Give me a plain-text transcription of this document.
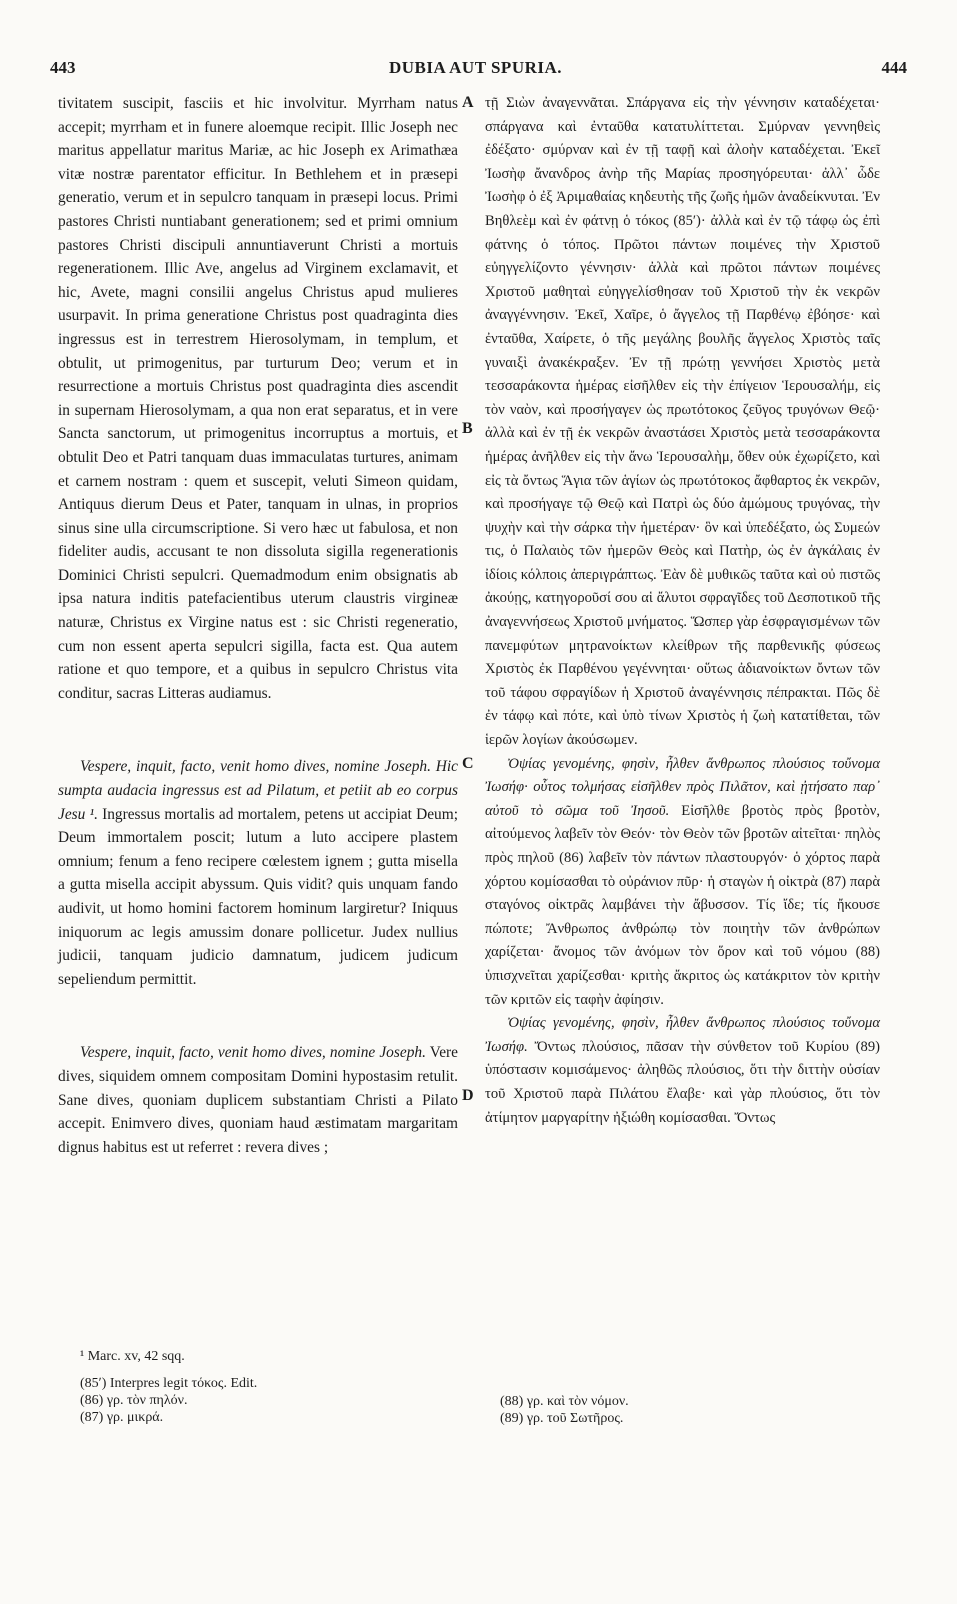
443	DUBIA AUT SPURIA.	444

tivitatem suscipit, fasciis et hic involvitur. Myrrham natus accepit; myrrham et in funere aloemque recipit. Illic Joseph nec maritus appellatur maritus Mariæ, ac hic Joseph ex Arimathæa vitæ nostræ parentator efficitur. In Bethlehem et in præsepi generatio, verum et in sepulcro tanquam in præsepi locus. Primi pastores Christi nuntiabant generationem; sed et primi omnium pastores Christi discipuli annuntiaverunt Christi a mortuis regenerationem. Illic Ave, angelus ad Virginem exclamavit, et hic, Avete, magni consilii angelus Christus apud mulieres usurpavit. In prima generatione Christus post quadraginta dies ingressus est in terrestrem Hierosolymam, in templum, et obtulit, ut primogenitus, par turturum Deo; verum et in resurrectione a mortuis Christus post quadraginta dies ascendit in supernam Hierosolymam, a qua non erat separatus, et in vere Sancta sanctorum, ut primogenitus incorruptus a mortuis, et obtulit Deo et Patri tanquam duas immaculatas turtures, animam et carnem nostram : quem et suscepit, veluti Simeon quidam, Antiquus dierum Deus et Pater, tanquam in ulnas, in proprios sinus sine ulla circumscriptione. Si vero hæc ut fabulosa, et non fideliter audis, accusant te non dissoluta sigilla regenerationis Dominici Christi sepulcri. Quemadmodum enim obsignatis ab ipsa natura inditis patefacientibus uterum claustris virgineæ naturæ, Christus ex Virgine natus est : sic Christi regeneratio, cum non essent aperta sepulcri sigilla, facta est. Qua autem ratione et quo tempore, et a quibus in sepulcro Christus vita conditur, sacras Litteras audiamus.

Vespere, inquit, facto, venit homo dives, nomine Joseph. Hic sumpta audacia ingressus est ad Pilatum, et petiit ab eo corpus Jesu ¹. Ingressus mortalis ad mortalem, petens ut accipiat Deum; Deum immortalem poscit; lutum a luto accipere plastem omnium; fenum a feno recipere cœlestem ignem ; gutta misella a gutta misella accipit abyssum. Quis vidit? quis unquam fando audivit, ut homo homini factorem hominum largiretur? Iniquus iniquorum ac legis amussim donare pollicetur. Judex nullius judicii, tanquam judicio damnatum, judicem judicum sepeliendum permittit.

Vespere, inquit, facto, venit homo dives, nomine Joseph. Vere dives, siquidem omnem compositam Domini hypostasim retulit. Sane dives, quoniam duplicem substantiam Christi a Pilato accepit. Enimvero dives, quoniam haud æstimatam margaritam dignus habitus est ut referret : revera dives ;

A
B
C
D

τῇ Σιὼν ἀναγεννᾶται. Σπάργανα εἰς τὴν γέννησιν καταδέχεται· σπάργανα καὶ ἐνταῦθα κατατυλίττεται. Σμύρναν γεννηθεὶς ἐδέξατο· σμύρναν καὶ ἐν τῇ ταφῇ καὶ ἀλοὴν καταδέχεται. Ἐκεῖ Ἰωσὴφ ἄνανδρος ἀνὴρ τῆς Μαρίας προσηγόρευται· ἀλλ᾽ ὧδε Ἰωσὴφ ὁ ἐξ Ἀριμαθαίας κηδευτὴς τῆς ζωῆς ἡμῶν ἀναδείκνυται. Ἐν Βηθλεὲμ καὶ ἐν φάτνῃ ὁ τόκος (85ʹ)· ἀλλὰ καὶ ἐν τῷ τάφῳ ὡς ἐπὶ φάτνης ὁ τόπος. Πρῶτοι πάντων ποιμένες τὴν Χριστοῦ εὐηγγελίζοντο γέννησιν· ἀλλὰ καὶ πρῶτοι πάντων ποιμένες Χριστοῦ μαθηταὶ εὐηγγελίσθησαν τοῦ Χριστοῦ τὴν ἐκ νεκρῶν ἀναγγέννησιν. Ἐκεῖ, Χαῖρε, ὁ ἄγγελος τῇ Παρθένῳ ἐβόησε· καὶ ἐνταῦθα, Χαίρετε, ὁ τῆς μεγάλης βουλῆς ἄγγελος Χριστὸς ταῖς γυναιξὶ ἀνακέκραξεν. Ἐν τῇ πρώτῃ γεννήσει Χριστὸς μετὰ τεσσαράκοντα ἡμέρας εἰσῆλθεν εἰς τὴν ἐπίγειον Ἱερουσαλήμ, εἰς τὸν ναὸν, καὶ προσήγαγεν ὡς πρωτότοκος ζεῦγος τρυγόνων Θεῷ· ἀλλὰ καὶ ἐν τῇ ἐκ νεκρῶν ἀναστάσει Χριστὸς μετὰ τεσσαράκοντα ἡμέρας ἀνῆλθεν εἰς τὴν ἄνω Ἱερουσαλὴμ, ὅθεν οὐκ ἐχωρίζετο, καὶ εἰς τὰ ὄντως Ἅγια τῶν ἁγίων ὡς πρωτότοκος ἄφθαρτος ἐκ νεκρῶν, καὶ προσήγαγε τῷ Θεῷ καὶ Πατρὶ ὡς δύο ἀμώμους τρυγόνας, τὴν ψυχὴν καὶ τὴν σάρκα τὴν ἡμετέραν· ὃν καὶ ὑπεδέξατο, ὡς Συμεών τις, ὁ Παλαιὸς τῶν ἡμερῶν Θεὸς καὶ Πατὴρ, ὡς ἐν ἀγκάλαις ἐν ἰδίοις κόλποις ἀπεριγράπτως. Ἐὰν δὲ μυθικῶς ταῦτα καὶ οὐ πιστῶς ἀκούῃς, κατηγοροῦσί σου αἱ ἄλυτοι σφραγῖδες τοῦ Δεσποτικοῦ τῆς ἀναγεννήσεως Χριστοῦ μνήματος. Ὥσπερ γὰρ ἐσφραγισμένων τῶν πανεμφύτων μητρανοίκτων κλείθρων τῆς παρθενικῆς φύσεως Χριστὸς ἐκ Παρθένου γεγέννηται· οὕτως ἀδιανοίκτων ὄντων τῶν τοῦ τάφου σφραγίδων ἡ Χριστοῦ ἀναγέννησις πέπρακται. Πῶς δὲ ἐν τάφῳ καὶ πότε, καὶ ὑπὸ τίνων Χριστὸς ἡ ζωὴ κατατίθεται, τῶν ἱερῶν λογίων ἀκούσωμεν.

Ὀψίας γενομένης, φησὶν, ἦλθεν ἄνθρωπος πλούσιος τοὔνομα Ἰωσήφ· οὗτος τολμήσας εἰσῆλθεν πρὸς Πιλᾶτον, καὶ ᾐτήσατο παρ᾽ αὐτοῦ τὸ σῶμα τοῦ Ἰησοῦ. Εἰσῆλθε βροτὸς πρὸς βροτὸν, αἰτούμενος λαβεῖν τὸν Θεόν· τὸν Θεὸν τῶν βροτῶν αἰτεῖται· πηλὸς πρὸς πηλοῦ (86) λαβεῖν τὸν πάντων πλαστουργόν· ὁ χόρτος παρὰ χόρτου κομίσασθαι τὸ οὐράνιον πῦρ· ἡ σταγὼν ἡ οἰκτρὰ (87) παρὰ σταγόνος οἰκτρᾶς λαμβάνει τὴν ἄβυσσον. Τίς ἴδε; τίς ἤκουσε πώποτε; Ἄνθρωπος ἀνθρώπῳ τὸν ποιητὴν τῶν ἀνθρώπων χαρίζεται· ἄνομος τῶν ἀνόμων τὸν ὅρον καὶ τοῦ νόμου (88) ὑπισχνεῖται χαρίζεσθαι· κριτὴς ἄκριτος ὡς κατάκριτον τὸν κριτὴν τῶν κριτῶν εἰς ταφὴν ἀφίησιν.

Ὀψίας γενομένης, φησὶν, ἦλθεν ἄνθρωπος πλούσιος τοὔνομα Ἰωσήφ. Ὄντως πλούσιος, πᾶσαν τὴν σύνθετον τοῦ Κυρίου (89) ὑπόστασιν κομισάμενος· ἀληθῶς πλούσιος, ὅτι τὴν διττὴν οὐσίαν τοῦ Χριστοῦ παρὰ Πιλάτου ἔλαβε· καὶ γὰρ πλούσιος, ὅτι τὸν ἀτίμητον μαργαρίτην ἠξιώθη κομίσασθαι. Ὄντως

¹ Marc. xv, 42 sqq.

(85ʹ) Interpres legit τόκος. Edit.

(86) γρ. τὸν πηλόν.

(87) γρ. μικρά.

(88) γρ. καὶ τὸν νόμον.

(89) γρ. τοῦ Σωτῆρος.
